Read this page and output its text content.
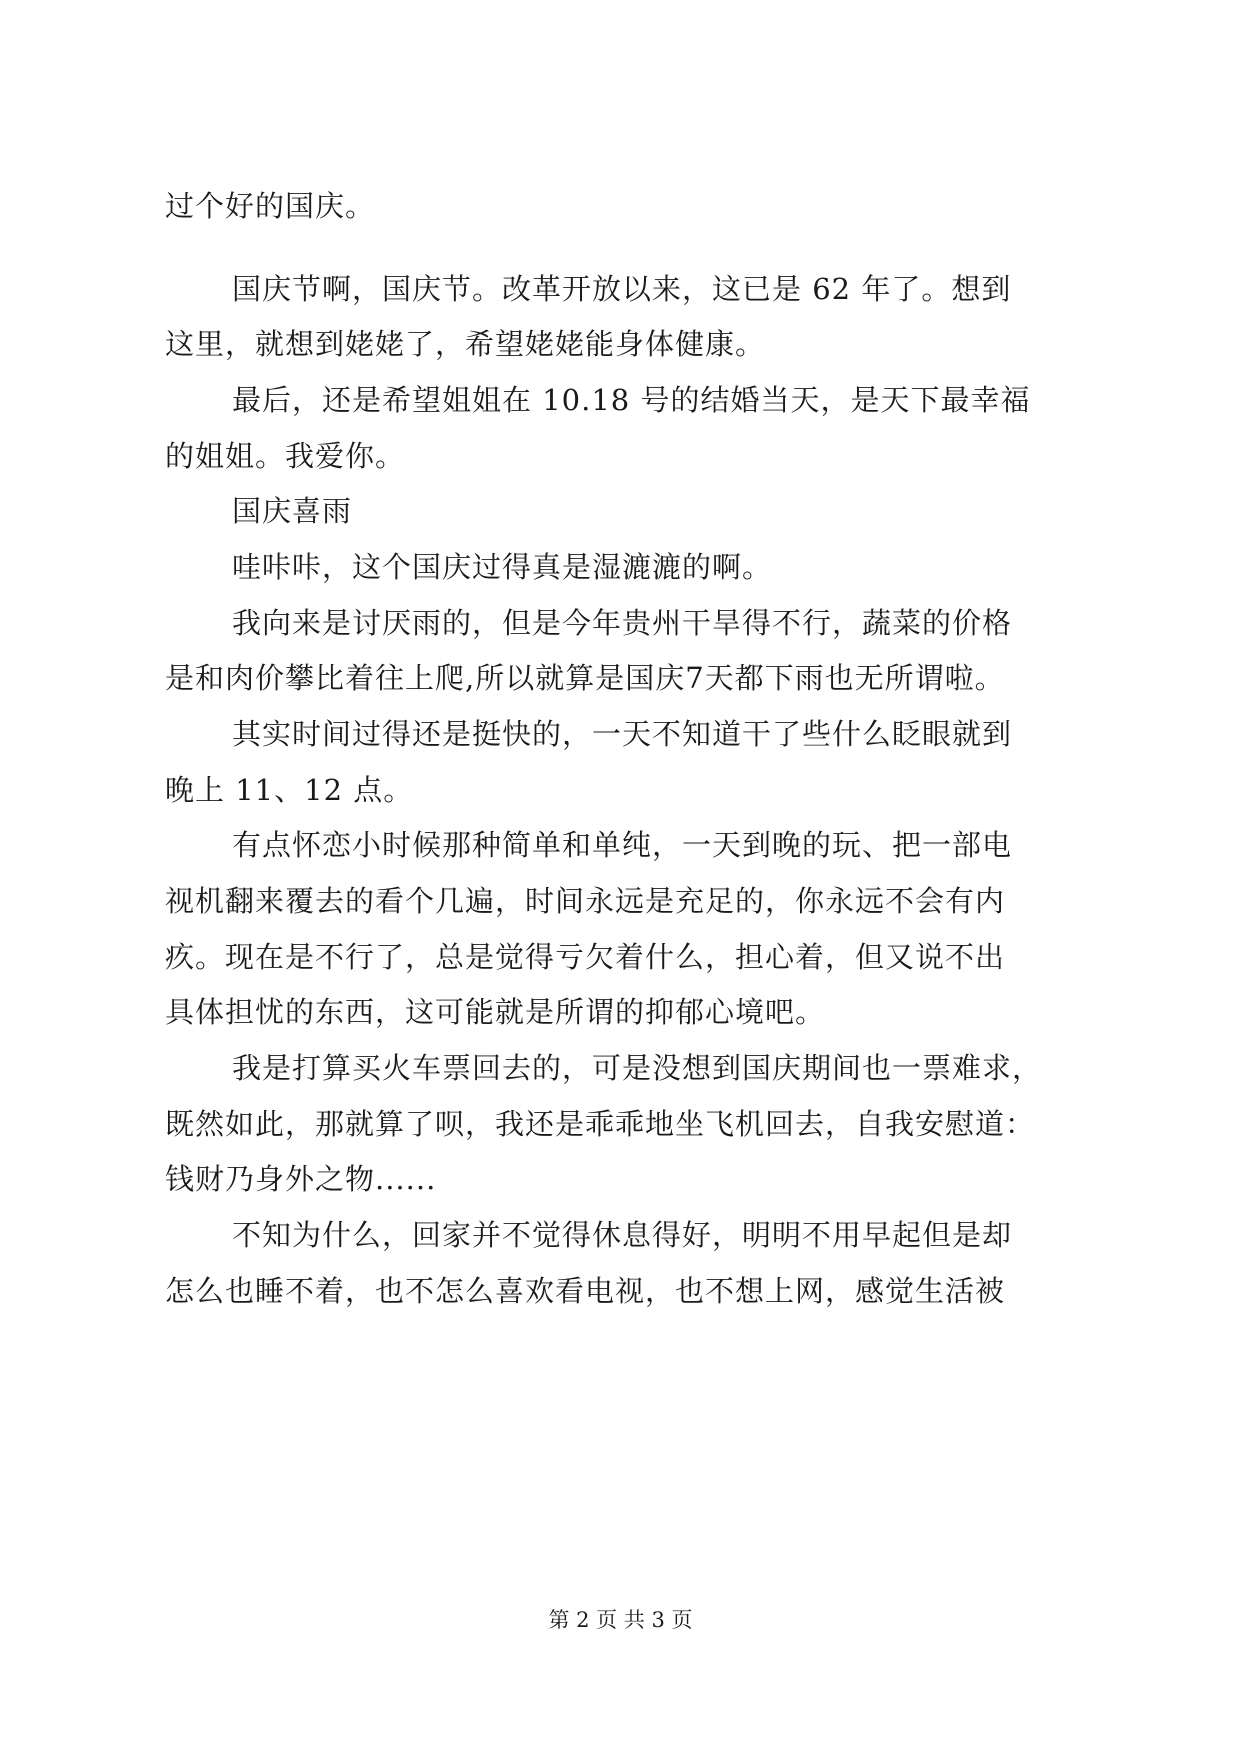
过个好的国庆。
国庆节啊，国庆节。改革开放以来，这已是 62 年了。想到
这里，就想到姥姥了，希望姥姥能身体健康。
最后，还是希望姐姐在 10.18 号的结婚当天，是天下最幸福
的姐姐。我爱你。
国庆喜雨
哇咔咔，这个国庆过得真是湿漉漉的啊。
我向来是讨厌雨的，但是今年贵州干旱得不行，蔬菜的价格
是和肉价攀比着往上爬,所以就算是国庆7天都下雨也无所谓啦。
其实时间过得还是挺快的，一天不知道干了些什么眨眼就到
晚上 11、12 点。
有点怀恋小时候那种简单和单纯，一天到晚的玩、把一部电
视机翻来覆去的看个几遍，时间永远是充足的，你永远不会有内
疚。现在是不行了，总是觉得亏欠着什么，担心着，但又说不出
具体担忧的东西，这可能就是所谓的抑郁心境吧。
我是打算买火车票回去的，可是没想到国庆期间也一票难求，
既然如此，那就算了呗，我还是乖乖地坐飞机回去，自我安慰道：
钱财乃身外之物......
不知为什么，回家并不觉得休息得好，明明不用早起但是却
怎么也睡不着，也不怎么喜欢看电视，也不想上网，感觉生活被
第 2 页 共 3 页
